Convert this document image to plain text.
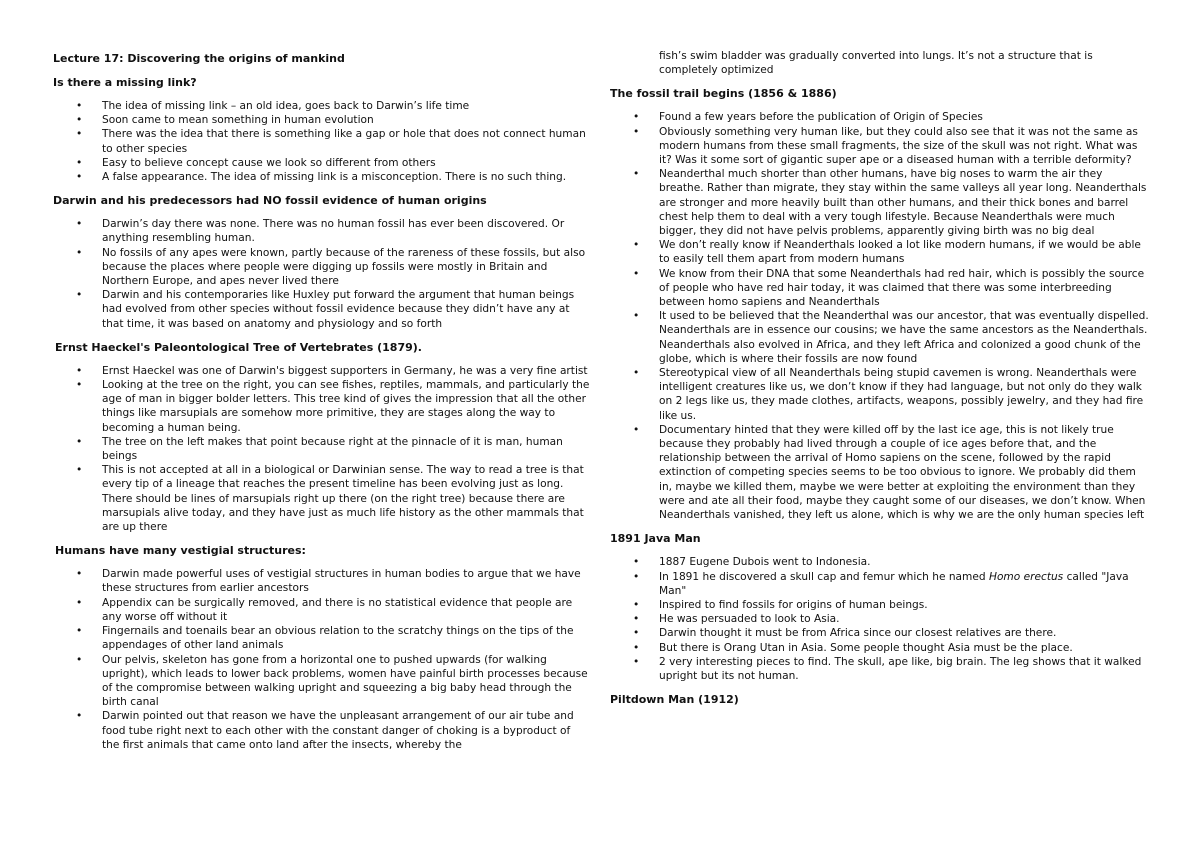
Lecture 17: Discovering the origins of mankind
Is there a missing link?
• The idea of missing link – an old idea, goes back to Darwin’s life time
• Soon came to mean something in human evolution
• There was the idea that there is something like a gap or hole that does not connect human to other species
• Easy to believe concept cause we look so different from others
• A false appearance. The idea of missing link is a misconception. There is no such thing.
Darwin and his predecessors had NO fossil evidence of human origins
• Darwin’s day there was none. There was no human fossil has ever been discovered. Or anything resembling human.
• No fossils of any apes were known, partly because of the rareness of these fossils, but also because the places where people were digging up fossils were mostly in Britain and Northern Europe, and apes never lived there
• Darwin and his contemporaries like Huxley put forward the argument that human beings had evolved from other species without fossil evidence because they didn’t have any at that time, it was based on anatomy and physiology and so forth
Ernst Haeckel's Paleontological Tree of Vertebrates (1879).
• Ernst Haeckel was one of Darwin's biggest supporters in Germany, he was a very fine artist
• Looking at the tree on the right, you can see fishes, reptiles, mammals, and particularly the age of man in bigger bolder letters. This tree kind of gives the impression that all the other things like marsupials are somehow more primitive, they are stages along the way to becoming a human being.
• The tree on the left makes that point because right at the pinnacle of it is man, human beings
• This is not accepted at all in a biological or Darwinian sense. The way to read a tree is that every tip of a lineage that reaches the present timeline has been evolving just as long. There should be lines of marsupials right up there (on the right tree) because there are marsupials alive today, and they have just as much life history as the other mammals that are up there
Humans have many vestigial structures:
• Darwin made powerful uses of vestigial structures in human bodies to argue that we have these structures from earlier ancestors
• Appendix can be surgically removed, and there is no statistical evidence that people are any worse off without it
• Fingernails and toenails bear an obvious relation to the scratchy things on the tips of the appendages of other land animals
• Our pelvis, skeleton has gone from a horizontal one to pushed upwards (for walking upright), which leads to lower back problems, women have painful birth processes because of the compromise between walking upright and squeezing a big baby head through the birth canal
• Darwin pointed out that reason we have the unpleasant arrangement of our air tube and food tube right next to each other with the constant danger of choking is a byproduct of the first animals that came onto land after the insects, whereby the
fish’s swim bladder was gradually converted into lungs. It’s not a structure that is completely optimized
The fossil trail begins (1856 & 1886)
• Found a few years before the publication of Origin of Species
• Obviously something very human like, but they could also see that it was not the same as modern humans from these small fragments, the size of the skull was not right. What was it? Was it some sort of gigantic super ape or a diseased human with a terrible deformity?
• Neanderthal much shorter than other humans, have big noses to warm the air they breathe. Rather than migrate, they stay within the same valleys all year long. Neanderthals are stronger and more heavily built than other humans, and their thick bones and barrel chest help them to deal with a very tough lifestyle. Because Neanderthals were much bigger, they did not have pelvis problems, apparently giving birth was no big deal
• We don’t really know if Neanderthals looked a lot like modern humans, if we would be able to easily tell them apart from modern humans
• We know from their DNA that some Neanderthals had red hair, which is possibly the source of people who have red hair today, it was claimed that there was some interbreeding between homo sapiens and Neanderthals
• It used to be believed that the Neanderthal was our ancestor, that was eventually dispelled. Neanderthals are in essence our cousins; we have the same ancestors as the Neanderthals. Neanderthals also evolved in Africa, and they left Africa and colonized a good chunk of the globe, which is where their fossils are now found
• Stereotypical view of all Neanderthals being stupid cavemen is wrong. Neanderthals were intelligent creatures like us, we don’t know if they had language, but not only do they walk on 2 legs like us, they made clothes, artifacts, weapons, possibly jewelry, and they had fire like us.
• Documentary hinted that they were killed off by the last ice age, this is not likely true because they probably had lived through a couple of ice ages before that, and the relationship between the arrival of Homo sapiens on the scene, followed by the rapid extinction of competing species seems to be too obvious to ignore. We probably did them in, maybe we killed them, maybe we were better at exploiting the environment than they were and ate all their food, maybe they caught some of our diseases, we don’t know. When Neanderthals vanished, they left us alone, which is why we are the only human species left
1891 Java Man
• 1887 Eugene Dubois went to Indonesia.
• In 1891 he discovered a skull cap and femur which he named Homo erectus called "Java Man"
• Inspired to find fossils for origins of human beings.
• He was persuaded to look to Asia.
• Darwin thought it must be from Africa since our closest relatives are there.
• But there is Orang Utan in Asia. Some people thought Asia must be the place.
• 2 very interesting pieces to find. The skull, ape like, big brain. The leg shows that it walked upright but its not human.
Piltdown Man (1912)
